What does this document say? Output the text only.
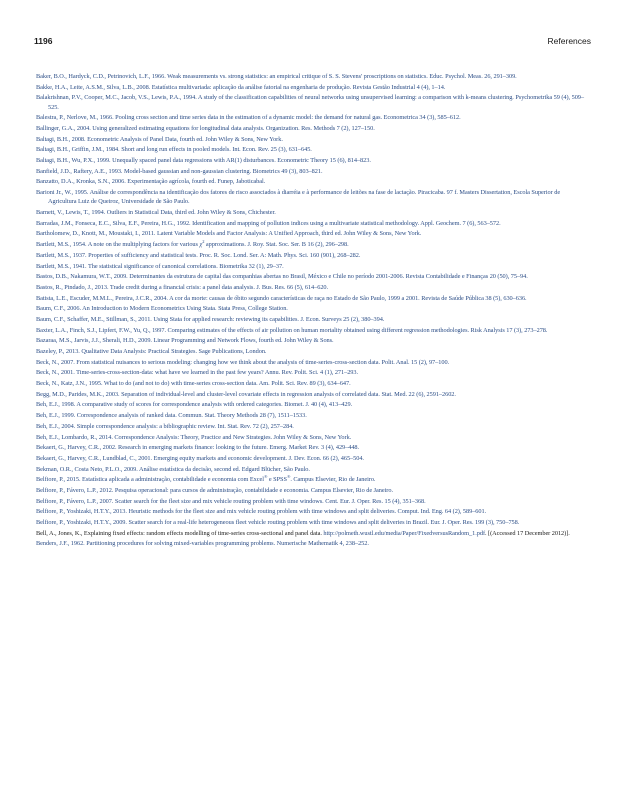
1196	References
Baker, B.O., Hardyck, C.D., Petrinovich, L.F., 1966. Weak measurements vs. strong statistics: an empirical critique of S. S. Stevens' proscriptions on statistics. Educ. Psychol. Meas. 26, 291–309.
Bakke, H.A., Leite, A.S.M., Silva, L.B., 2008. Estatística multivariada: aplicação da análise fatorial na engenharia de produção. Revista Gestão Industrial 4 (4), 1–14.
Balakrishnan, P.V., Cooper, M.C., Jacob, V.S., Lewis, P.A., 1994. A study of the classification capabilities of neural networks using unsupervised learning: a comparison with k-means clustering. Psychometrika 59 (4), 509–525.
Balestra, P., Nerlove, M., 1966. Pooling cross section and time series data in the estimation of a dynamic model: the demand for natural gas. Econometrica 34 (3), 585–612.
Ballinger, G.A., 2004. Using generalized estimating equations for longitudinal data analysis. Organization. Res. Methods 7 (2), 127–150.
Baltagi, B.H., 2008. Econometric Analysis of Panel Data, fourth ed. John Wiley & Sons, New York.
Baltagi, B.H., Griffin, J.M., 1984. Short and long run effects in pooled models. Int. Econ. Rev. 25 (3), 631–645.
Baltagi, B.H., Wu, P.X., 1999. Unequally spaced panel data regressions with AR(1) disturbances. Econometric Theory 15 (6), 814–823.
Banfield, J.D., Raftery, A.E., 1993. Model-based gaussian and non-gaussian clustering. Biometrics 49 (3), 803–821.
Banzatto, D.A., Kronka, S.N., 2006. Experimentação agrícola, fourth ed. Funep, Jaboticabal.
Barioni Jr., W., 1995. Análise de correspondência na identificação dos fatores de risco associados à diarréia e à performance de leitões na fase de lactação. Piracicaba. 97 f. Masters Dissertation, Escola Superior de Agricultura Luiz de Queiroz, Universidade de São Paulo.
Barnett, V., Lewis, T., 1994. Outliers in Statistical Data, third ed. John Wiley & Sons, Chichester.
Barradas, J.M., Fonseca, E.C., Silva, E.F., Pereira, H.G., 1992. Identification and mapping of pollution indices using a multivariate statistical methodology. Appl. Geochem. 7 (6), 563–572.
Bartholomew, D., Knott, M., Moustaki, I., 2011. Latent Variable Models and Factor Analysis: A Unified Approach, third ed. John Wiley & Sons, New York.
Bartlett, M.S., 1954. A note on the multiplying factors for various $\chi^2$ approximations. J. Roy. Stat. Soc. Ser. B 16 (2), 296–298.
Bartlett, M.S., 1937. Properties of sufficiency and statistical tests. Proc. R. Soc. Lond. Ser. A: Math. Phys. Sci. 160 (901), 268–282.
Bartlett, M.S., 1941. The statistical significance of canonical correlations. Biometrika 32 (1), 29–37.
Bastos, D.B., Nakamura, W.T., 2009. Determinantes da estrutura de capital das companhias abertas no Brasil, México e Chile no período 2001-2006. Revista Contabilidade e Finanças 20 (50), 75–94.
Bastos, R., Pindado, J., 2013. Trade credit during a financial crisis: a panel data analysis. J. Bus. Res. 66 (5), 614–620.
Batista, L.E., Escuder, M.M.L., Pereira, J.C.R., 2004. A cor da morte: causas de óbito segundo características de raça no Estado de São Paulo, 1999 a 2001. Revista de Saúde Pública 38 (5), 630–636.
Baum, C.F., 2006. An Introduction to Modern Econometrics Using Stata. Stata Press, College Station.
Baum, C.F., Schaffer, M.E., Stillman, S., 2011. Using Stata for applied research: reviewing its capabilities. J. Econ. Surveys 25 (2), 380–394.
Baxter, L.A., Finch, S.J., Lipfert, F.W., Yu, Q., 1997. Comparing estimates of the effects of air pollution on human mortality obtained using different regression methodologies. Risk Analysis 17 (3), 273–278.
Bazaraa, M.S., Jarvis, J.J., Sherali, H.D., 2009. Linear Programming and Network Flows, fourth ed. John Wiley & Sons.
Bazeley, P., 2013. Qualitative Data Analysis: Practical Strategies. Sage Publications, London.
Beck, N., 2007. From statistical nuisances to serious modeling: changing how we think about the analysis of time-series-cross-section data. Polit. Anal. 15 (2), 97–100.
Beck, N., 2001. Time-series-cross-section-data: what have we learned in the past few years? Annu. Rev. Polit. Sci. 4 (1), 271–293.
Beck, N., Katz, J.N., 1995. What to do (and not to do) with time-series cross-section data. Am. Polit. Sci. Rev. 89 (3), 634–647.
Begg, M.D., Parides, M.K., 2003. Separation of individual-level and cluster-level covariate effects in regression analysis of correlated data. Stat. Med. 22 (6), 2591–2602.
Beh, E.J., 1998. A comparative study of scores for correspondence analysis with ordered categories. Biomet. J. 40 (4), 413–429.
Beh, E.J., 1999. Correspondence analysis of ranked data. Commun. Stat. Theory Methods 28 (7), 1511–1533.
Beh, E.J., 2004. Simple correspondence analysis: a bibliographic review. Int. Stat. Rev. 72 (2), 257–284.
Beh, E.J., Lombardo, R., 2014. Correspondence Analysis: Theory, Practice and New Strategies. John Wiley & Sons, New York.
Bekaert, G., Harvey, C.R., 2002. Research in emerging markets finance: looking to the future. Emerg. Market Rev. 3 (4), 429–448.
Bekaert, G., Harvey, C.R., Lundblad, C., 2001. Emerging equity markets and economic development. J. Dev. Econ. 66 (2), 465–504.
Bekman, O.R., Costa Neto, P.L.O., 2009. Análise estatística da decisão, second ed. Edgard Blücher, São Paulo.
Belfiore, P., 2015. Estatística aplicada a administração, contabilidade e economia com Excel® e SPSS®. Campus Elsevier, Rio de Janeiro.
Belfiore, P., Fávero, L.P., 2012. Pesquisa operacional: para cursos de administração, contabilidade e economia. Campus Elsevier, Rio de Janeiro.
Belfiore, P., Fávero, L.P., 2007. Scatter search for the fleet size and mix vehicle routing problem with time windows. Cent. Eur. J. Oper. Res. 15 (4), 351–368.
Belfiore, P., Yoshizaki, H.T.Y., 2013. Heuristic methods for the fleet size and mix vehicle routing problem with time windows and split deliveries. Comput. Ind. Eng. 64 (2), 589–601.
Belfiore, P., Yoshizaki, H.T.Y., 2009. Scatter search for a real-life heterogeneous fleet vehicle routing problem with time windows and split deliveries in Brazil. Eur. J. Oper. Res. 199 (3), 750–758.
Bell, A., Jones, K., Explaining fixed effects: random effects modelling of time-series cross-sectional and panel data. http://polmeth.wustl.edu/media/Paper/FixedversusRandom_1.pdf. [(Accessed 17 December 2012)].
Benders, J.F., 1962. Partitioning procedures for solving mixed-variables programming problems. Numerische Mathematik 4, 238–252.
